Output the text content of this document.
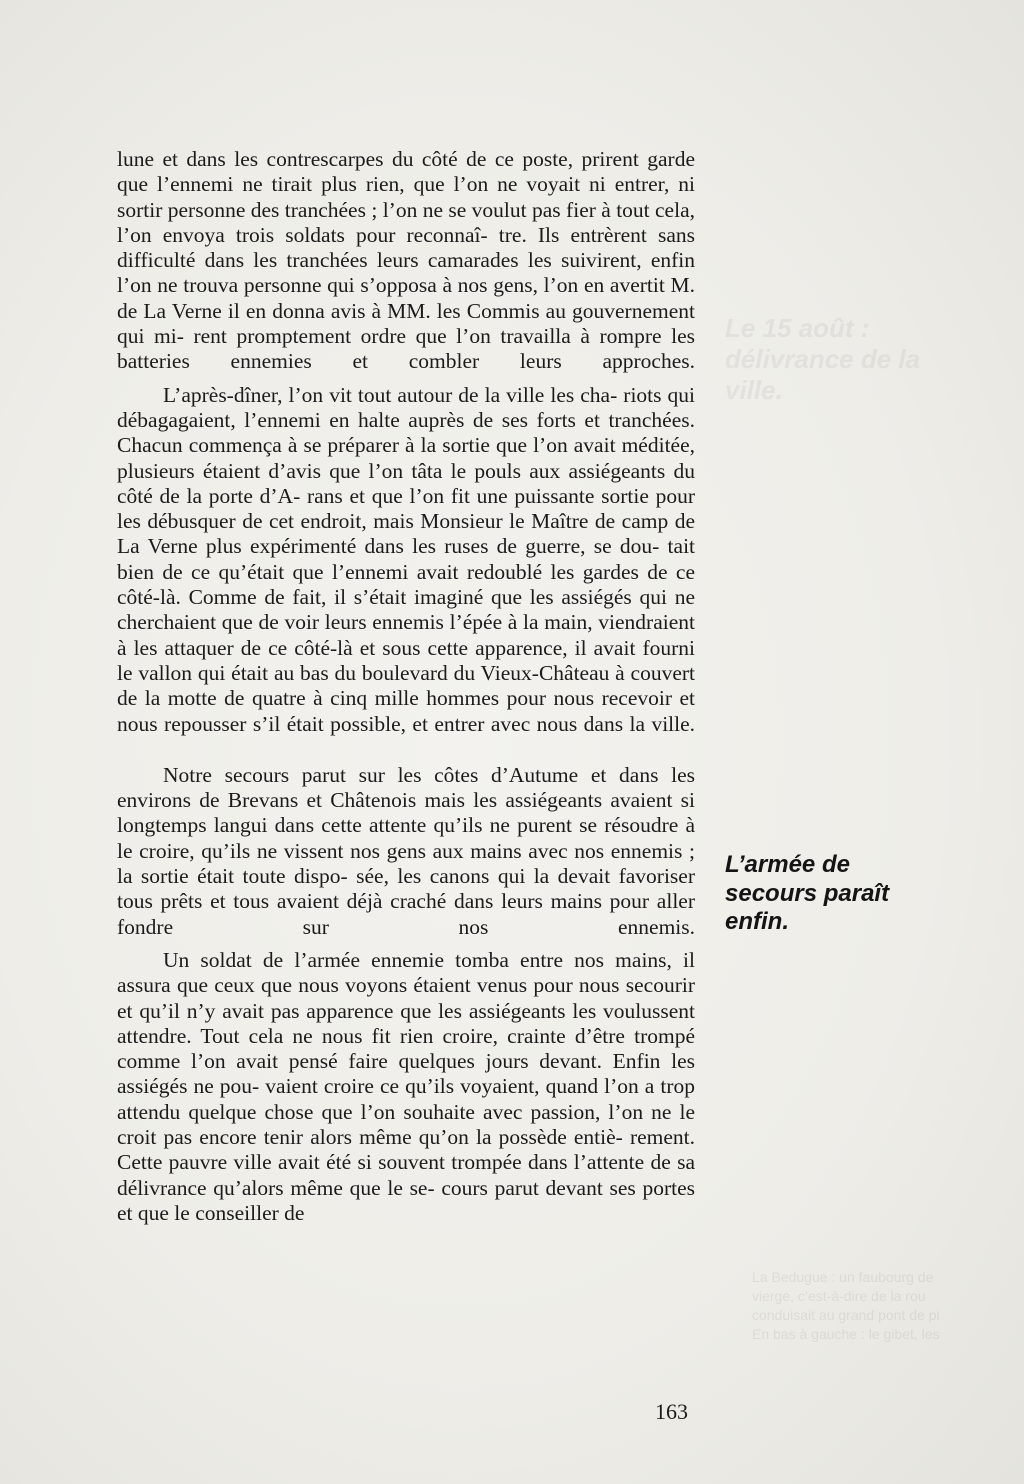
Le 15 août : délivrance de la ville.
La Bedugue : un faubourg de
vierge, c’est-à-dire de la rou
conduisait au grand pont de pi
En bas à gauche : le gibet, les

lune et dans les contrescarpes du côté de ce poste, prirent garde que l’ennemi ne tirait plus rien, que l’on ne voyait ni entrer, ni sortir personne des tranchées ; l’on ne se voulut pas fier à tout cela, l’on envoya trois soldats pour reconnaî- tre. Ils entrèrent sans difficulté dans les tranchées leurs camarades les suivirent, enfin l’on ne trouva personne qui s’opposa à nos gens, l’on en avertit M. de La Verne il en donna avis à MM. les Commis au gouvernement qui mi- rent promptement ordre que l’on travailla à rompre les batteries ennemies et combler leurs approches.

L’après-dîner, l’on vit tout autour de la ville les cha- riots qui débagagaient, l’ennemi en halte auprès de ses forts et tranchées. Chacun commença à se préparer à la sortie que l’on avait méditée, plusieurs étaient d’avis que l’on tâta le pouls aux assiégeants du côté de la porte d’A- rans et que l’on fit une puissante sortie pour les débusquer de cet endroit, mais Monsieur le Maître de camp de La Verne plus expérimenté dans les ruses de guerre, se dou- tait bien de ce qu’était que l’ennemi avait redoublé les gardes de ce côté-là. Comme de fait, il s’était imaginé que les assiégés qui ne cherchaient que de voir leurs ennemis l’épée à la main, viendraient à les attaquer de ce côté-là et sous cette apparence, il avait fourni le vallon qui était au bas du boulevard du Vieux-Château à couvert de la motte de quatre à cinq mille hommes pour nous recevoir et nous repousser s’il était possible, et entrer avec nous dans la ville.

Notre secours parut sur les côtes d’Autume et dans les environs de Brevans et Châtenois mais les assiégeants avaient si longtemps langui dans cette attente qu’ils ne purent se résoudre à le croire, qu’ils ne vissent nos gens aux mains avec nos ennemis ; la sortie était toute dispo- sée, les canons qui la devait favoriser tous prêts et tous avaient déjà craché dans leurs mains pour aller fondre sur	nos ennemis.

Un soldat de l’armée ennemie tomba entre nos mains, il assura que ceux que nous voyons étaient venus pour nous secourir et qu’il n’y avait pas apparence que les assiégeants les voulussent attendre. Tout cela ne nous fit rien croire, crainte d’être trompé comme l’on avait pensé faire quelques jours devant. Enfin les assiégés ne pou- vaient croire ce qu’ils voyaient, quand l’on a trop attendu quelque chose que l’on souhaite avec passion, l’on ne le croit pas encore tenir alors même qu’on la possède entiè- rement. Cette pauvre ville avait été si souvent trompée dans l’attente de sa délivrance qu’alors même que le se- cours parut devant ses portes et que le conseiller de

L’armée de
secours paraît
enfin.
163
